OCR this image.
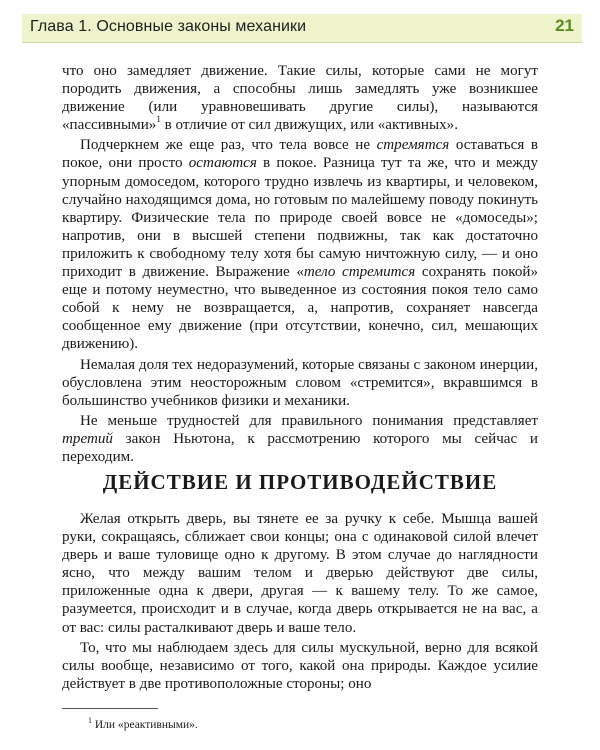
Глава 1. Основные законы механики	21

что оно замедляет движение. Такие силы, которые сами не могут породить движения, а способны лишь замедлять уже возникшее движение (или уравновешивать другие силы), называются «пассивными»$^1$ в отличие от сил движущих, или «активных».

Подчеркнем же еще раз, что тела вовсе не стремятся оставаться в покое, они просто остаются в покое. Разница тут та же, что и между упорным домоседом, которого трудно извлечь из квартиры, и человеком, случайно находящимся дома, но готовым по малейшему поводу покинуть квартиру. Физические тела по природе своей вовсе не «домоседы»; напротив, они в высшей степени подвижны, так как достаточно приложить к свободному телу хотя бы самую ничтожную силу, — и оно приходит в движение. Выражение «тело стремится сохранять покой» еще и потому неуместно, что выведенное из состояния покоя тело само собой к нему не возвращается, а, напротив, сохраняет навсегда сообщенное ему движение (при отсутствии, конечно, сил, мешающих движению).

Немалая доля тех недоразумений, которые связаны с законом инерции, обусловлена этим неосторожным словом «стремится», вкравшимся в большинство учебников физики и механики.

Не меньше трудностей для правильного понимания представляет третий закон Ньютона, к рассмотрению которого мы сейчас и переходим.

ДЕЙСТВИЕ И ПРОТИВОДЕЙСТВИЕ

Желая открыть дверь, вы тянете ее за ручку к себе. Мышца вашей руки, сокращаясь, сближает свои концы; она с одинаковой силой влечет дверь и ваше туловище одно к другому. В этом случае до наглядности ясно, что между вашим телом и дверью действуют две силы, приложенные одна к двери, другая — к вашему телу. То же самое, разумеется, происходит и в случае, когда дверь открывается не на вас, а от вас: силы расталкивают дверь и ваше тело.

То, что мы наблюдаем здесь для силы мускульной, верно для всякой силы вообще, независимо от того, какой она природы. Каждое усилие действует в две противоположные стороны; оно

$^1$ Или «реактивными».
